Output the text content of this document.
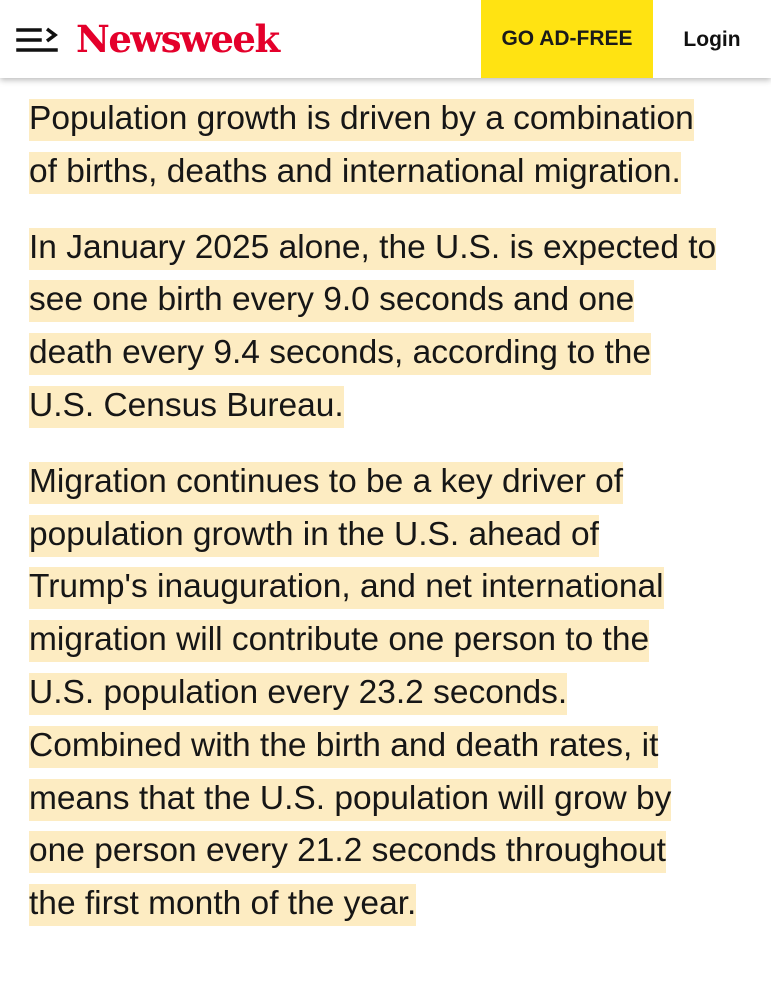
Newsweek	GO AD-FREE	Login

Population growth is driven by a combination
of births, deaths and international migration.

In January 2025 alone, the U.S. is expected to
see one birth every 9.0 seconds and one
death every 9.4 seconds, according to the
U.S. Census Bureau.

Migration continues to be a key driver of
population growth in the U.S. ahead of
Trump's inauguration, and net international
migration will contribute one person to the
U.S. population every 23.2 seconds.
Combined with the birth and death rates, it
means that the U.S. population will grow by
one person every 21.2 seconds throughout
the first month of the year.
